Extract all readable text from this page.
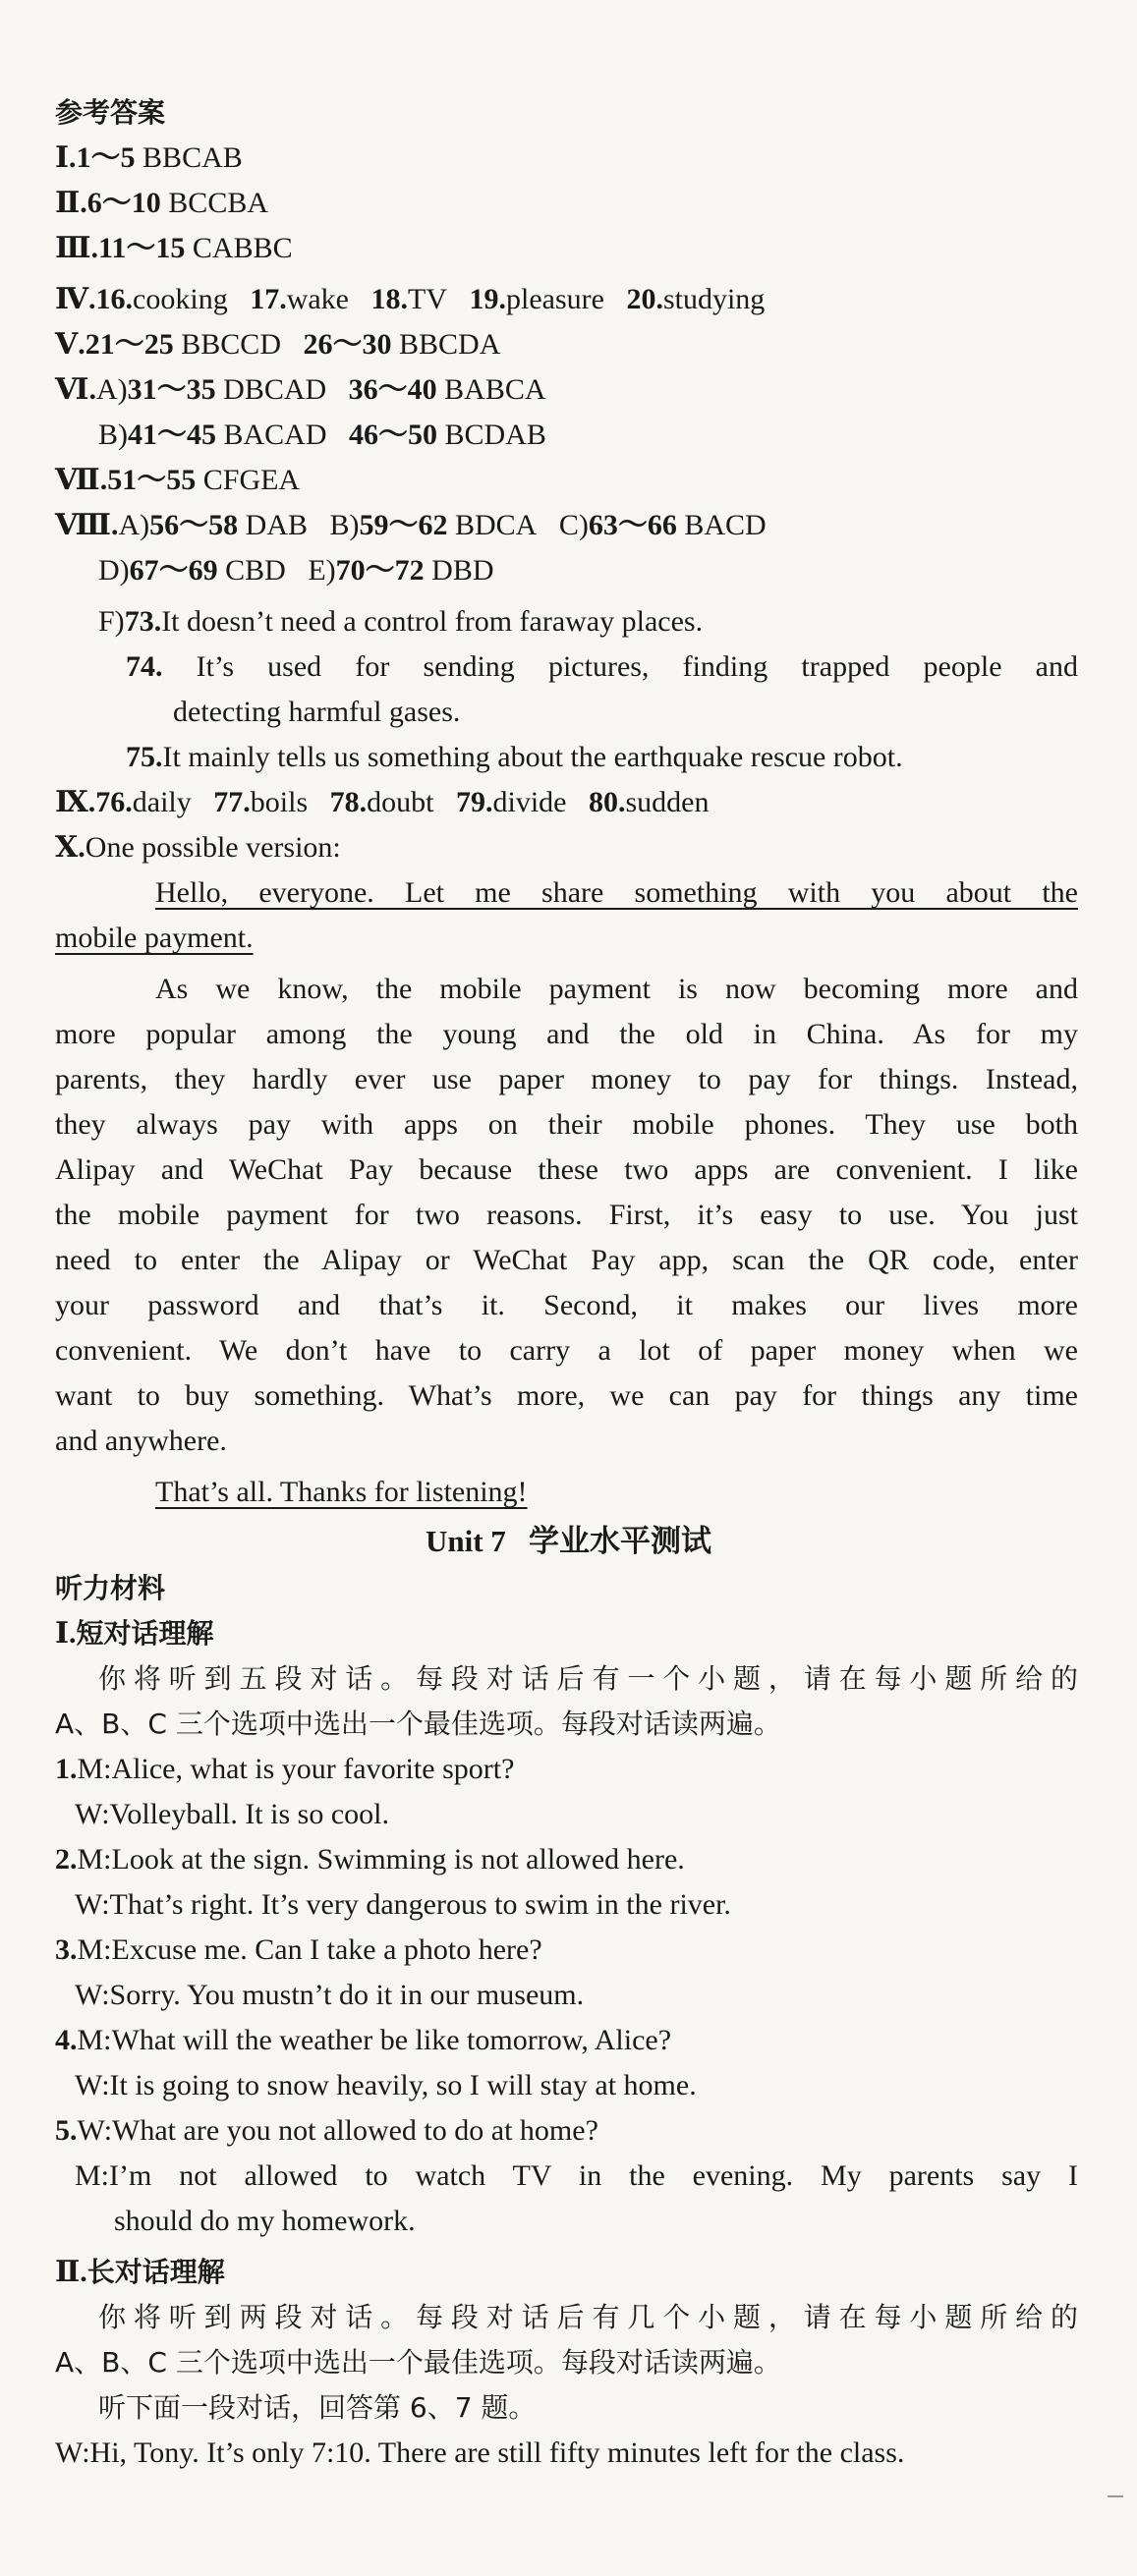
参考答案
Ⅰ.1～5 BBCAB
Ⅱ.6～10 BCCBA
Ⅲ.11～15 CABBC
Ⅳ.16.cooking 17.wake 18.TV 19.pleasure 20.studying
Ⅴ.21～25 BBCCD 26～30 BBCDA
Ⅵ.A)31～35 DBCAD 36～40 BABCA
B)41～45 BACAD 46～50 BCDAB
Ⅶ.51～55 CFGEA
Ⅷ.A)56～58 DAB B)59～62 BDCA C)63～66 BACD
D)67～69 CBD E)70～72 DBD
F)73.It doesn’t need a control from faraway places.
74. It’s used for sending pictures, finding trapped people and
detecting harmful gases.
75.It mainly tells us something about the earthquake rescue robot.
Ⅸ.76.daily 77.boils 78.doubt 79.divide 80.sudden
Ⅹ.One possible version:
Hello, everyone. Let me share something with you about the
mobile payment.
As we know, the mobile payment is now becoming more and
more popular among the young and the old in China. As for my
parents, they hardly ever use paper money to pay for things. Instead,
they always pay with apps on their mobile phones. They use both
Alipay and WeChat Pay because these two apps are convenient. I like
the mobile payment for two reasons. First, it’s easy to use. You just
need to enter the Alipay or WeChat Pay app, scan the QR code, enter
your password and that’s it. Second, it makes our lives more
convenient. We don’t have to carry a lot of paper money when we
want to buy something. What’s more, we can pay for things any time
and anywhere.
That’s all. Thanks for listening!
Unit 7 学业水平测试
听力材料
Ⅰ.短对话理解
你将听到五段对话。每段对话后有一个小题，请在每小题所给的
A、B、C 三个选项中选出一个最佳选项。每段对话读两遍。
1.M:Alice, what is your favorite sport?
W:Volleyball. It is so cool.
2.M:Look at the sign. Swimming is not allowed here.
W:That’s right. It’s very dangerous to swim in the river.
3.M:Excuse me. Can I take a photo here?
W:Sorry. You mustn’t do it in our museum.
4.M:What will the weather be like tomorrow, Alice?
W:It is going to snow heavily, so I will stay at home.
5.W:What are you not allowed to do at home?
M:I’m not allowed to watch TV in the evening. My parents say I
should do my homework.
Ⅱ.长对话理解
你将听到两段对话。每段对话后有几个小题，请在每小题所给的
A、B、C 三个选项中选出一个最佳选项。每段对话读两遍。
听下面一段对话，回答第 6、7 题。
W:Hi, Tony. It’s only 7:10. There are still fifty minutes left for the class.
